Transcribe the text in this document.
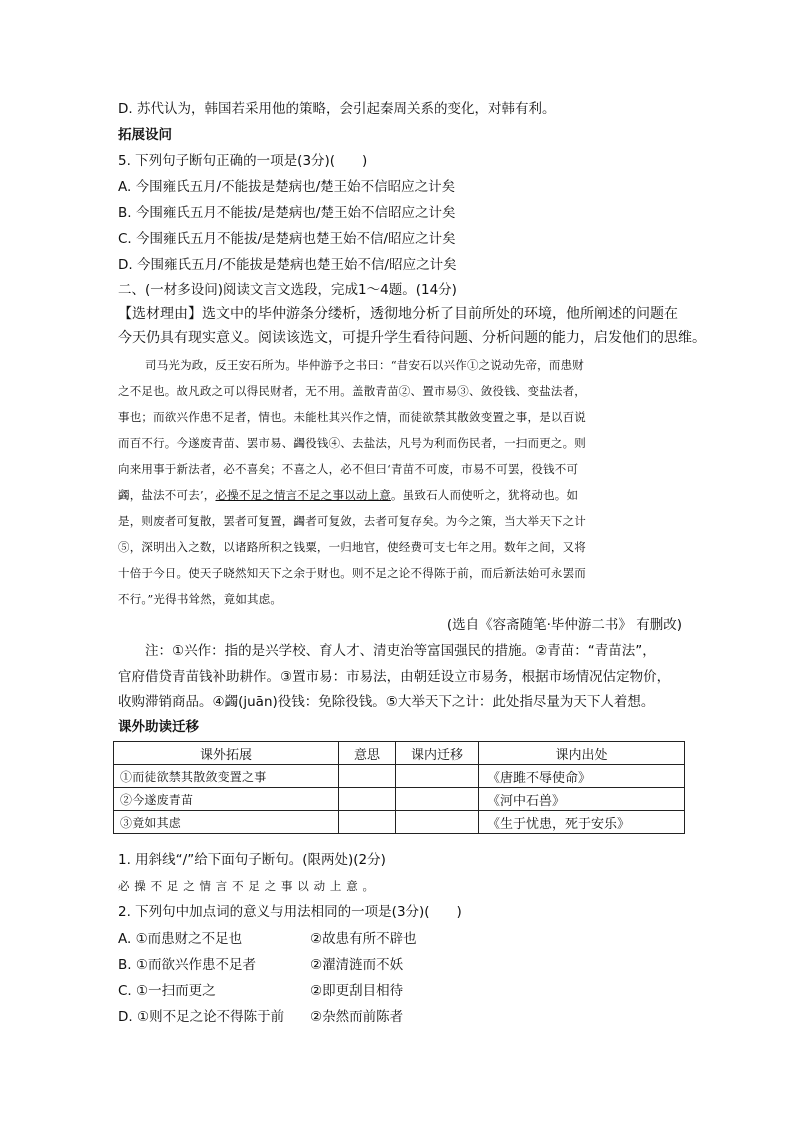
D. 苏代认为，韩国若采用他的策略，会引起秦周关系的变化，对韩有利。
拓展设问
5. 下列句子断句正确的一项是(3分)(　　)
A. 今围雍氏五月/不能拔是楚病也/楚王始不信昭应之计矣
B. 今围雍氏五月不能拔/是楚病也/楚王始不信昭应之计矣
C. 今围雍氏五月不能拔/是楚病也楚王始不信/昭应之计矣
D. 今围雍氏五月/不能拔是楚病也楚王始不信/昭应之计矣
二、(一材多设问)阅读文言文选段，完成1～4题。(14分)
【选材理由】选文中的毕仲游条分缕析，透彻地分析了目前所处的环境，他所阐述的问题在
今天仍具有现实意义。阅读该选文，可提升学生看待问题、分析问题的能力，启发他们的思维。
司马光为政，反王安石所为。毕仲游予之书曰：“昔安石以兴作①之说动先帝，而患财
之不足也。故凡政之可以得民财者，无不用。盖散青苗②、置市易③、敛役钱、变盐法者，
事也；而欲兴作患不足者，情也。未能杜其兴作之情，而徒欲禁其散敛变置之事，是以百说
而百不行。今遂废青苗、罢市易、蠲役钱④、去盐法，凡号为利而伤民者，一扫而更之。则
向来用事于新法者，必不喜矣；不喜之人，必不但曰‘青苗不可废，市易不可罢，役钱不可
蠲，盐法不可去’，必操不足之情言不足之事以动上意。虽致石人而使听之，犹将动也。如
是，则废者可复散，罢者可复置，蠲者可复敛，去者可复存矣。为今之策，当大举天下之计
⑤，深明出入之数，以诸路所积之钱粟，一归地官，使经费可支七年之用。数年之间，又将
十倍于今日。使天子晓然知天下之余于财也。则不足之论不得陈于前，而后新法始可永罢而
不行。”光得书耸然，竟如其虑。
(选自《容斋随笔·毕仲游二书》 有删改)
注：①兴作：指的是兴学校、育人才、清吏治等富国强民的措施。②青苗：“青苗法”，
官府借贷青苗钱补助耕作。③置市易：市易法，由朝廷设立市易务，根据市场情况估定物价，
收购滞销商品。④蠲(juān)役钱：免除役钱。⑤大举天下之计：此处指尽量为天下人着想。
课外助读迁移
课外拓展	意思	课内迁移	课内出处
①而徒欲禁其散敛变置之事			《唐雎不辱使命》
②今遂废青苗			《河中石兽》
③竟如其虑			《生于忧患，死于安乐》
1. 用斜线“/”给下面句子断句。(限两处)(2分)
必操不足之情言不足之事以动上意。
2. 下列句中加点词的意义与用法相同的一项是(3分)(　　)
A. ①而患财之不足也	②故患有所不辟也
B. ①而欲兴作患不足者	②濯清涟而不妖
C. ①一扫而更之	②即更刮目相待
D. ①则不足之论不得陈于前 ②杂然而前陈者
